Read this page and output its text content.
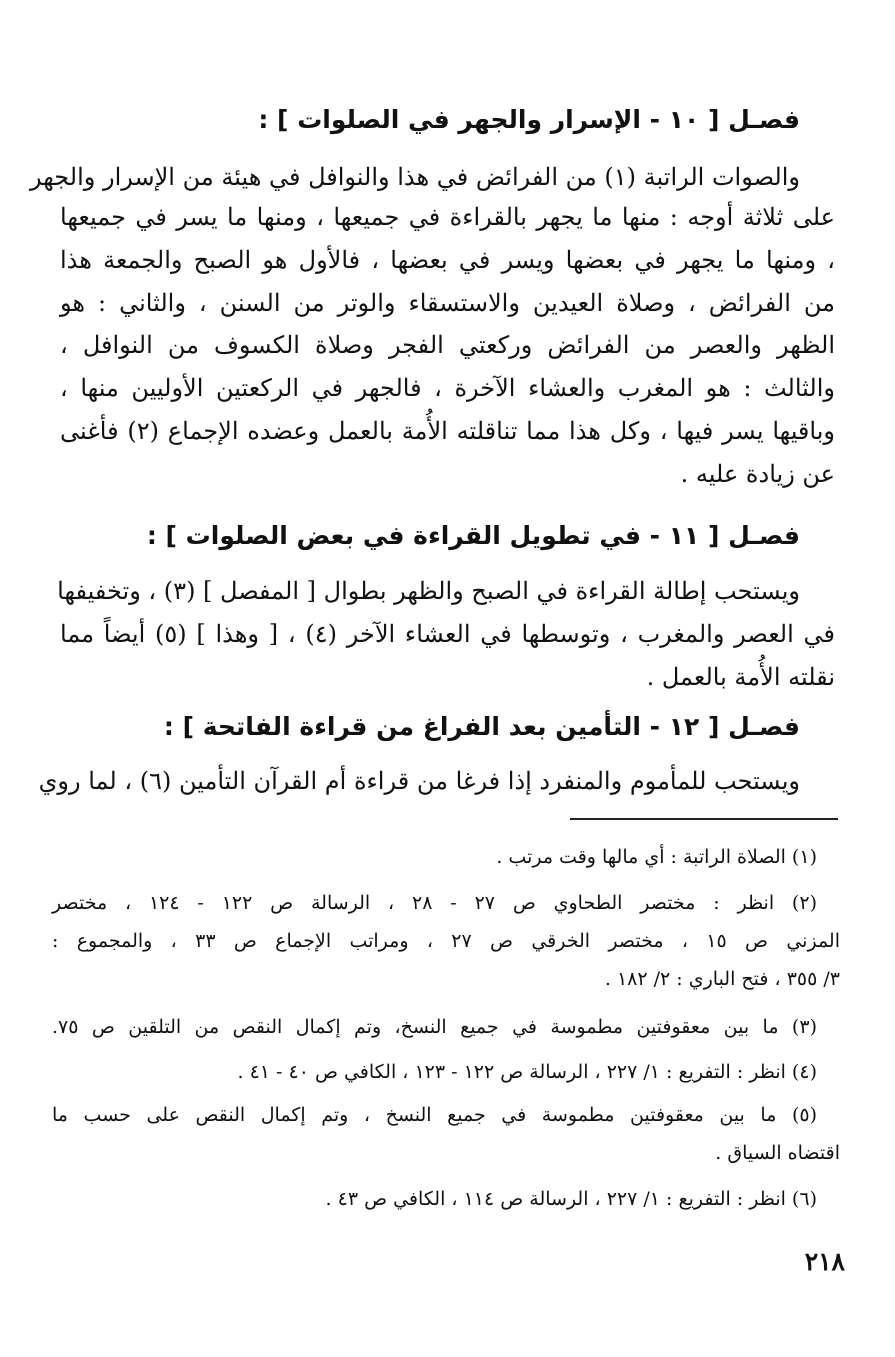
فصـل [ ١٠ - الإسرار والجهر في الصلوات ] :
والصوات الراتبة (١) من الفرائض في هذا والنوافل في هيئة من الإسرار والجهر
على ثلاثة أوجه : منها ما يجهر بالقراءة في جميعها ، ومنها ما يسر في جميعها
، ومنها ما يجهر في بعضها ويسر في بعضها ، فالأول هو الصبح والجمعة هذا
من الفرائض ، وصلاة العيدين والاستسقاء والوتر من السنن ، والثاني : هو
الظهر والعصر من الفرائض وركعتي الفجر وصلاة الكسوف من النوافل ،
والثالث : هو المغرب والعشاء الآخرة ، فالجهر في الركعتين الأوليين منها ،
وباقيها يسر فيها ، وكل هذا مما تناقلته الأُمة بالعمل وعضده الإجماع (٢) فأغنى
عن زيادة عليه .
فصـل [ ١١ - في تطويل القراءة في بعض الصلوات ] :
ويستحب إطالة القراءة في الصبح والظهر بطوال [ المفصل ] (٣) ، وتخفيفها
في العصر والمغرب ، وتوسطها في العشاء الآخر (٤) ، [ وهذا ] (٥) أيضاً مما
نقلته الأُمة بالعمل .
فصـل [ ١٢ - التأمين بعد الفراغ من قراءة الفاتحة ] :
ويستحب للمأموم والمنفرد إذا فرغا من قراءة أم القرآن التأمين (٦) ، لما روي
(١) الصلاة الراتبة : أي مالها وقت مرتب .
(٢) انظر : مختصر الطحاوي ص ٢٧ - ٢٨ ، الرسالة ص ١٢٢ - ١٢٤ ، مختصر
المزني ص ١٥ ، مختصر الخرقي ص ٢٧ ، ومراتب الإجماع ص ٣٣ ، والمجموع :
٣/ ٣٥٥ ، فتح الباري : ٢/ ١٨٢ .
(٣) ما بين معقوفتين مطموسة في جميع النسخ، وتم إكمال النقص من التلقين ص ٧٥.
(٤) انظر : التفريع : ١/ ٢٢٧ ، الرسالة ص ١٢٢ - ١٢٣ ، الكافي ص ٤٠ - ٤١ .
(٥) ما بين معقوفتين مطموسة في جميع النسخ ، وتم إكمال النقص على حسب ما
اقتضاه السياق .
(٦) انظر : التفريع : ١/ ٢٢٧ ، الرسالة ص ١١٤ ، الكافي ص ٤٣ .
٢١٨
